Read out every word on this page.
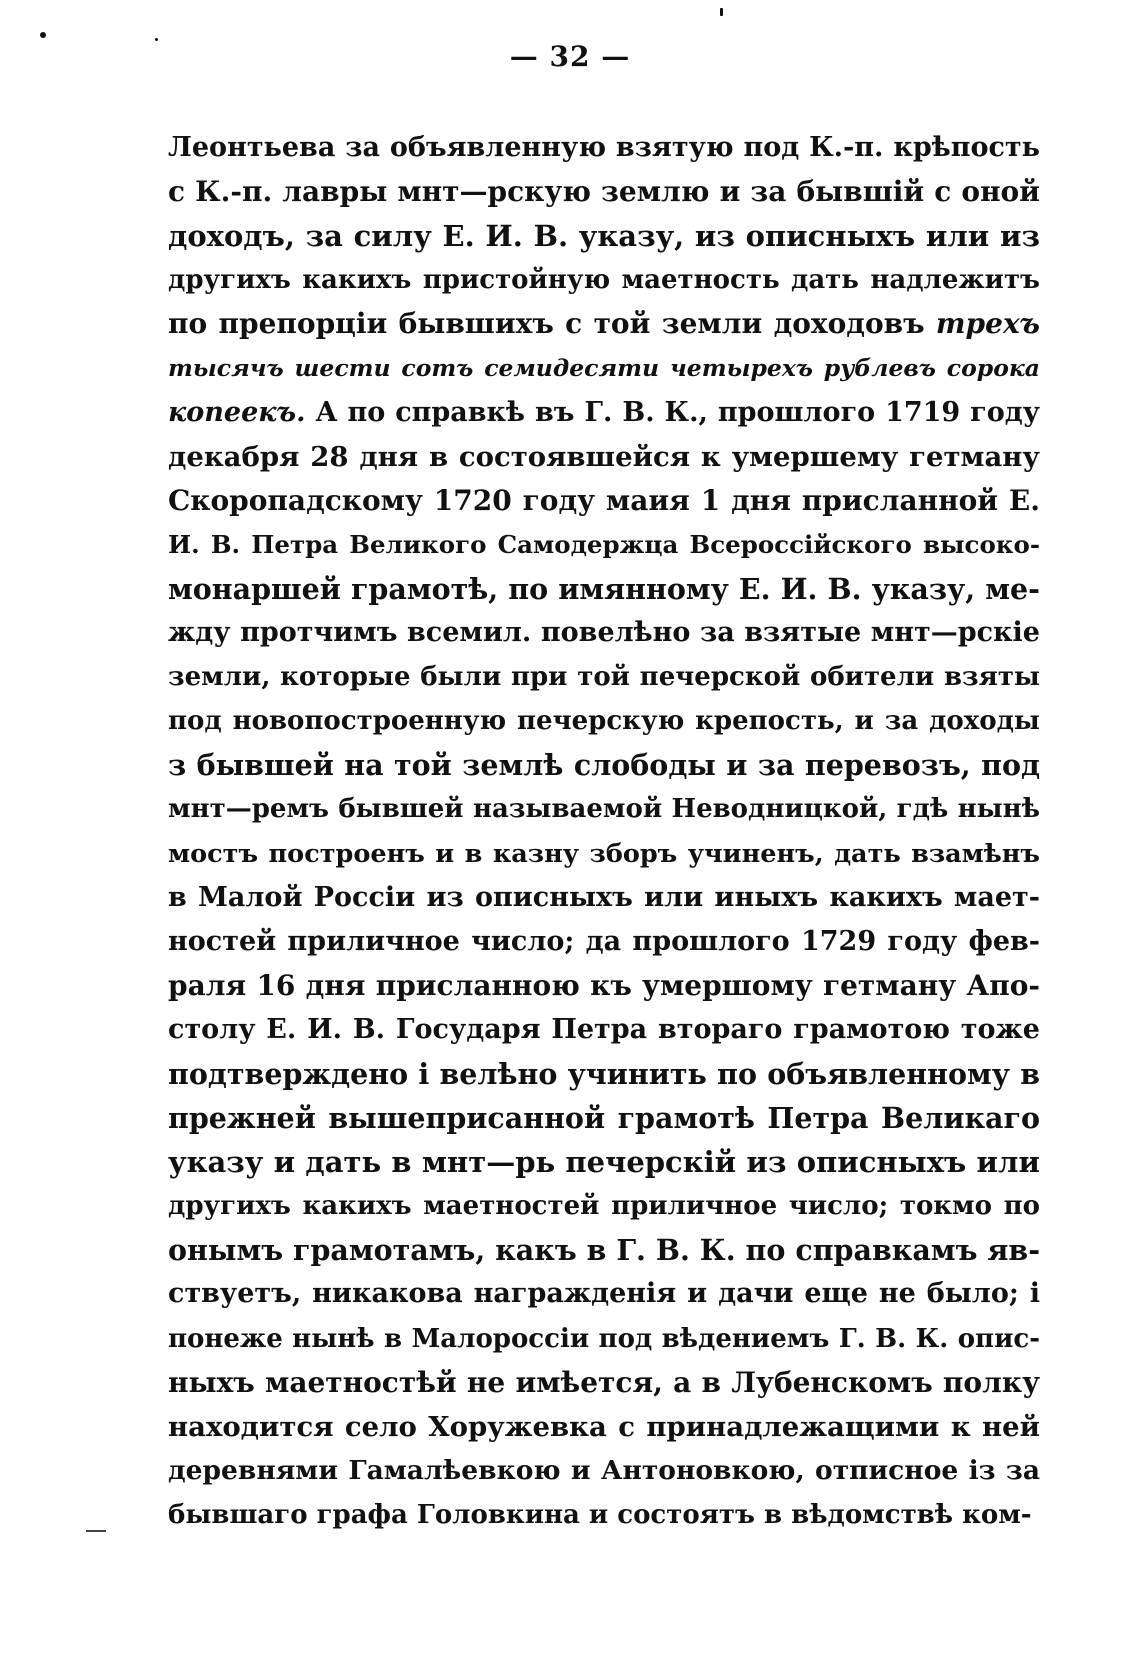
— 32 —
Леонтьева за объявленную взятую под К.-п. крѣпость
с К.-п. лавры мнт—рскую землю и за бывшій с оной
доходъ, за силу Е. И. В. указу, из описныхъ или из
другихъ какихъ пристойную маетность дать надлежитъ
по препорціи бывшихъ с той земли доходовъ трехъ
тысячъ шести сотъ семидесяти четырехъ рублевъ сорока
копеекъ. А по справкѣ въ Г. В. К., прошлого 1719 году
декабря 28 дня в состоявшейся к умершему гетману
Скоропадскому 1720 году маия 1 дня присланной Е.
И. В. Петра Великого Самодержца Всероссійского высоко-
монаршей грамотѣ, по имянному Е. И. В. указу, ме-
жду протчимъ всемил. повелѣно за взятые мнт—рскіе
земли, которые были при той печерской обители взяты
под новопостроенную печерскую крепость, и за доходы
з бывшей на той землѣ слободы и за перевозъ, под
мнт—ремъ бывшей называемой Неводницкой, гдѣ нынѣ
мостъ построенъ и в казну зборъ учиненъ, дать взамѣнъ
в Малой Россіи из описныхъ или иныхъ какихъ мает-
ностей приличное число; да прошлого 1729 году фев-
раля 16 дня присланною къ умершому гетману Апо-
столу Е. И. В. Государя Петра втораго грамотою тоже
подтверждено і велѣно учинить по объявленному в
прежней вышеприсанной грамотѣ Петра Великаго
указу и дать в мнт—рь печерскій из описныхъ или
другихъ какихъ маетностей приличное число; токмо по
онымъ грамотамъ, какъ в Г. В. К. по справкамъ яв-
ствуетъ, никакова награжденія и дачи еще не было; і
понеже нынѣ в Малороссіи под вѣдениемъ Г. В. К. опис-
ныхъ маетностѣй не имѣется, а в Лубенскомъ полку
находится село Хоружевка с принадлежащими к ней
деревнями Гамалѣевкою и Антоновкою, отписное із за
бывшаго графа Головкина и состоятъ в вѣдомствѣ ком-
